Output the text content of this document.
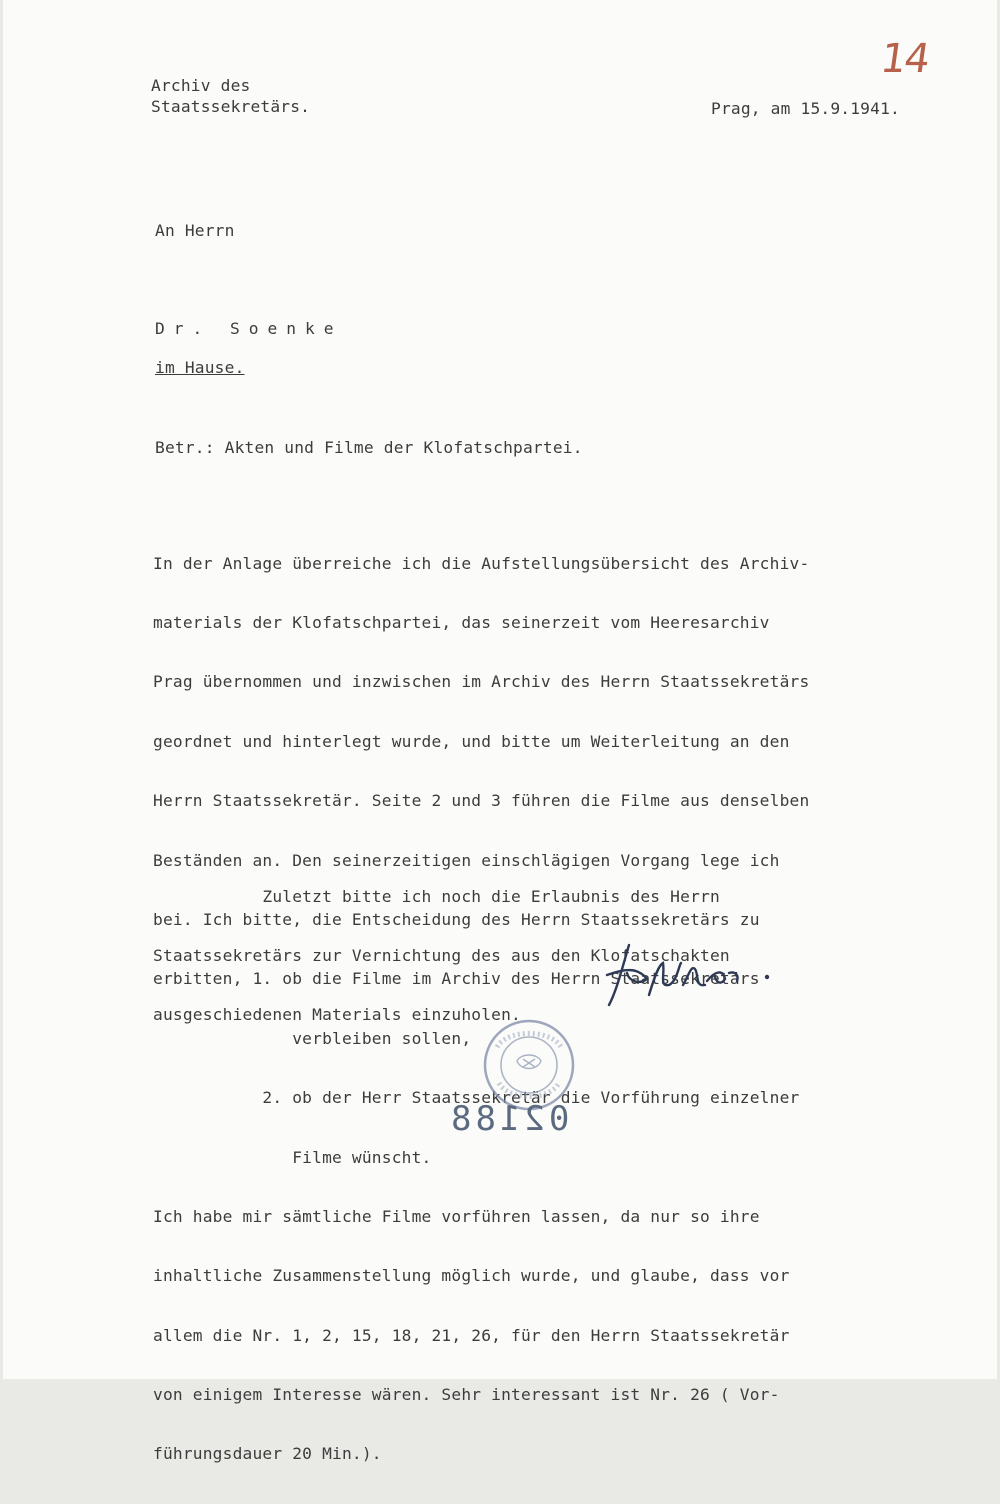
Archiv des
Staatssekretärs.
14
Prag, am 15.9.1941.
An Herrn
Dr. Soenke
im Hause.
Betr.: Akten und Filme der Klofatschpartei.

In der Anlage überreiche ich die Aufstellungsübersicht des Archiv-

materials der Klofatschpartei, das seinerzeit vom Heeresarchiv

Prag übernommen und inzwischen im Archiv des Herrn Staatssekretärs

geordnet und hinterlegt wurde, und bitte um Weiterleitung an den

Herrn Staatssekretär. Seite 2 und 3 führen die Filme aus denselben

Beständen an. Den seinerzeitigen einschlägigen Vorgang lege ich

bei. Ich bitte, die Entscheidung des Herrn Staatssekretärs zu

erbitten, 1. ob die Filme im Archiv des Herrn Staatssekretärs

verbleiben sollen,

2. ob der Herr Staatssekretär die Vorführung einzelner

Filme wünscht.

Ich habe mir sämtliche Filme vorführen lassen, da nur so ihre

inhaltliche Zusammenstellung möglich wurde, und glaube, dass vor

allem die Nr. 1, 2, 15, 18, 21, 26, für den Herrn Staatssekretär

von einigem Interesse wären. Sehr interessant ist Nr. 26 ( Vor-

führungsdauer 20 Min.).

Zuletzt bitte ich noch die Erlaubnis des Herrn

Staatssekretärs zur Vernichtung des aus den Klofatschakten

ausgeschiedenen Materials einzuholen.

02188
